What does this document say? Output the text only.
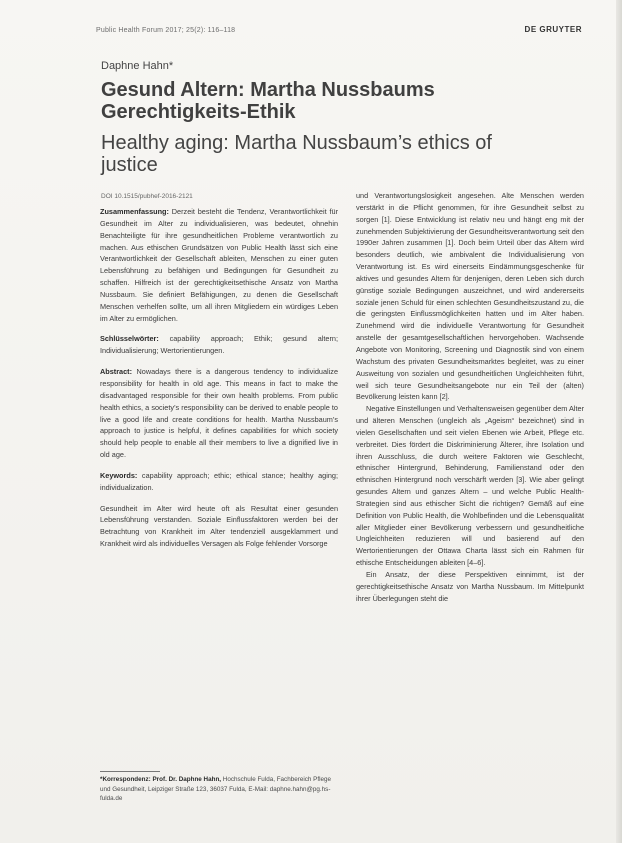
Public Health Forum 2017; 25(2): 116–118	DE GRUYTER
Daphne Hahn*
Gesund Altern: Martha Nussbaums Gerechtigkeits-Ethik
Healthy aging: Martha Nussbaum’s ethics of justice
DOI 10.1515/pubhef-2016-2121

Zusammenfassung: Derzeit besteht die Tendenz, Verantwortlichkeit für Gesundheit im Alter zu individualisieren, was bedeutet, ohnehin Benachteiligte für ihre gesundheitlichen Probleme verantwortlich zu machen. Aus ethischen Grundsätzen von Public Health lässt sich eine Verantwortlichkeit der Gesellschaft ableiten, Menschen zu einer guten Lebensführung zu befähigen und Bedingungen für Gesundheit zu schaffen. Hilfreich ist der gerechtigkeitsethische Ansatz von Martha Nussbaum. Sie definiert Befähigungen, zu denen die Gesellschaft Menschen verhelfen sollte, um all ihren Mitgliedern ein würdiges Leben im Alter zu ermöglichen.

Schlüsselwörter: capability approach; Ethik; gesund altern; Individualisierung; Wertorientierungen.

Abstract: Nowadays there is a dangerous tendency to individualize responsibility for health in old age. This means in fact to make the disadvantaged responsible for their own health problems. From public health ethics, a society’s responsibility can be derived to enable people to live a good life and create conditions for health. Martha Nussbaum’s approach to justice is helpful, it defines capabilities for which society should help people to enable all their members to live a dignified live in old age.

Keywords: capability approach; ethic; ethical stance; healthy aging; individualization.

Gesundheit im Alter wird heute oft als Resultat einer gesunden Lebensführung verstanden. Soziale Einflussfaktoren werden bei der Betrachtung von Krankheit im Alter tendenziell ausgeklammert und Krankheit wird als individuelles Versagen als Folge fehlender Vorsorge

und Verantwortungslosigkeit angesehen. Alte Menschen werden verstärkt in die Pflicht genommen, für ihre Gesundheit selbst zu sorgen [1]. Diese Entwicklung ist relativ neu und hängt eng mit der zunehmenden Subjektivierung der Gesundheitsverantwortung seit den 1990er Jahren zusammen [1]. Doch beim Urteil über das Altern wird besonders deutlich, wie ambivalent die Individualisierung von Verantwortung ist. Es wird einerseits Eindämmungsgeschenke für aktives und gesundes Altern für denjenigen, deren Leben sich durch günstige soziale Bedingungen auszeichnet, und wird andererseits soziale jenen Schuld für einen schlechten Gesundheitszustand zu, die die geringsten Einflussmöglichkeiten hatten und im Alter haben. Zunehmend wird die individuelle Verantwortung für Gesundheit anstelle der gesamtgesellschaftlichen hervorgehoben. Wachsende Angebote von Monitoring, Screening und Diagnostik sind von einem Wachstum des privaten Gesundheitsmarktes begleitet, was zu einer Ausweitung von sozialen und gesundheitlichen Ungleichheiten führt, weil sich teure Gesundheitsangebote nur ein Teil der (alten) Bevölkerung leisten kann [2].

Negative Einstellungen und Verhaltensweisen gegenüber dem Alter und älteren Menschen (ungleich als „Ageism“ bezeichnet) sind in vielen Gesellschaften und seit vielen Ebenen wie Arbeit, Pflege etc. verbreitet. Dies fördert die Diskriminierung Älterer, ihre Isolation und ihren Ausschluss, die durch weitere Faktoren wie Geschlecht, ethnischer Hintergrund, Behinderung, Familienstand oder den ethnischen Hintergrund noch verschärft werden [3]. Wie aber gelingt gesundes Altern und ganzes Altern – und welche Public Health-Strategien sind aus ethischer Sicht die richtigen? Gemäß auf eine Definition von Public Health, die Wohlbefinden und die Lebensqualität aller Mitglieder einer Bevölkerung verbessern und gesundheitliche Ungleichheiten reduzieren will und basierend auf den Wertorientierungen der Ottawa Charta lässt sich ein Rahmen für ethische Entscheidungen ableiten [4–6].

Ein Ansatz, der diese Perspektiven einnimmt, ist der gerechtigkeitsethische Ansatz von Martha Nussbaum. Im Mittelpunkt ihrer Überlegungen steht die

*Korrespondenz: Prof. Dr. Daphne Hahn, Hochschule Fulda, Fachbereich Pflege und Gesundheit, Leipziger Straße 123, 36037 Fulda, E-Mail: daphne.hahn@pg.hs-fulda.de
